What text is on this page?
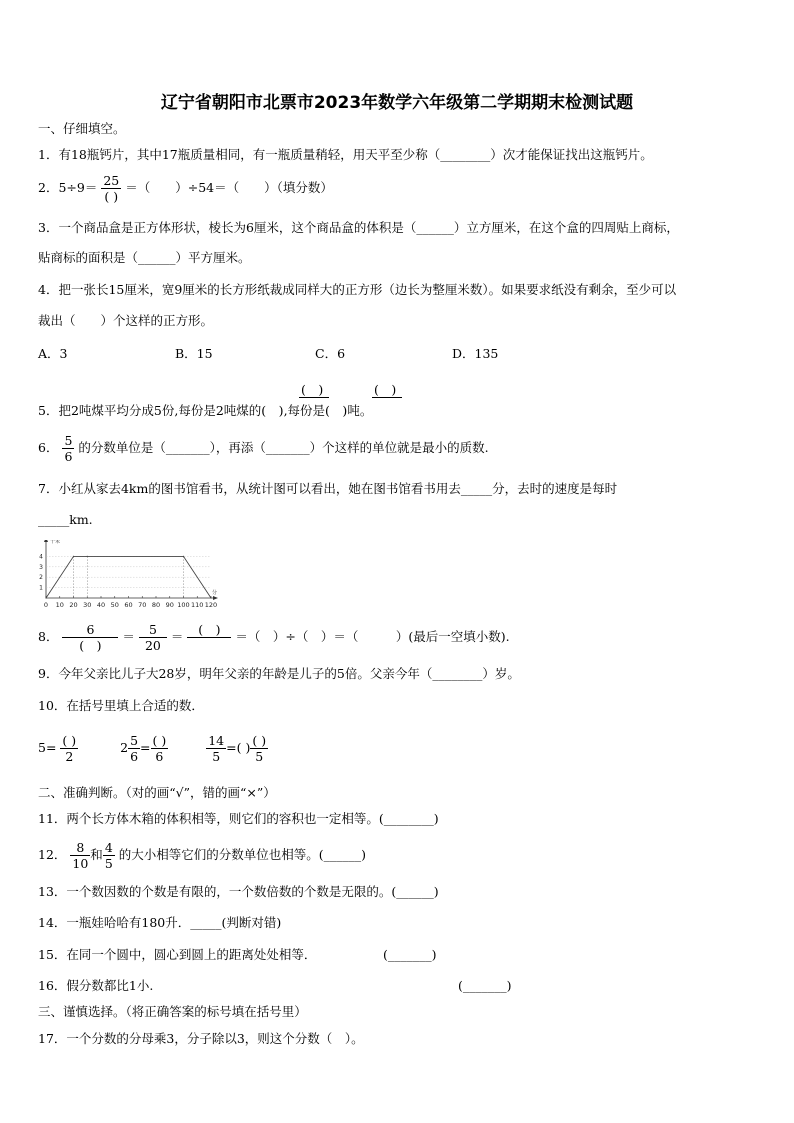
辽宁省朝阳市北票市2023年数学六年级第二学期期末检测试题
一、仔细填空。
1．有18瓶钙片，其中17瓶质量相同，有一瓶质量稍轻，用天平至少称（________）次才能保证找出这瓶钙片。
2．$5\div 9= \frac{25}{( )}$ ＝（　　）÷54＝（　　）（填分数）
3．一个商品盒是正方体形状，棱长为6厘米，这个商品盒的体积是（______）立方厘米，在这个盒的四周贴上商标，
贴商标的面积是（______）平方厘米。
4．把一张长15厘米，宽9厘米的长方形纸裁成同样大的正方形（边长为整厘米数）。如果要求纸没有剩余，至少可以
裁出（　　）个这样的正方形。
A．3	B．15	C．6	D．135
(　)	(　)
5．把2吨煤平均分成5份,每份是2吨煤的(　),每份是(　)吨。
6． $\frac{5}{6}$ 的分数单位是（_______），再添（_______）个这样的单位就是最小的质数.
7．小红从家去4km的图书馆看书，从统计图可以看出，她在图书馆看书用去_____分，去时的速度是每时
_____km.
千米
分
0 10 20 30 40 50 60 70 80 90 100 110 120
1
2
3
4
8． $\frac{6}{( )} = \frac{5}{20}$ ＝	(　)
	＝（　）÷（　）＝（　　　）(最后一空填小数).
9．今年父亲比儿子大28岁，明年父亲的年龄是儿子的5倍。父亲今年（________）岁。
10．在括号里填上合适的数．
$5= \frac{( )}{2}$	$2 \frac{5}{6} = \frac{( )}{6}$
	$\frac{14}{5}$ =( ) $\frac{( )}{5}$
二、准确判断。（对的画“√”，错的画“×”）
11．两个长方体木箱的体积相等，则它们的容积也一定相等。(________)
12． $\frac{8}{10}$ 和 $\frac{4}{5}$ 的大小相等它们的分数单位也相等。(______)
13．一个数因数的个数是有限的，一个数倍数的个数是无限的。(______)
14．一瓶娃哈哈有180升．_____(判断对错)
15．在同一个圆中，圆心到圆上的距离处处相等．	(_______)
16．假分数都比1小.	(_______)
三、谨慎选择。（将正确答案的标号填在括号里）
17．一个分数的分母乘3，分子除以3，则这个分数（　）。
